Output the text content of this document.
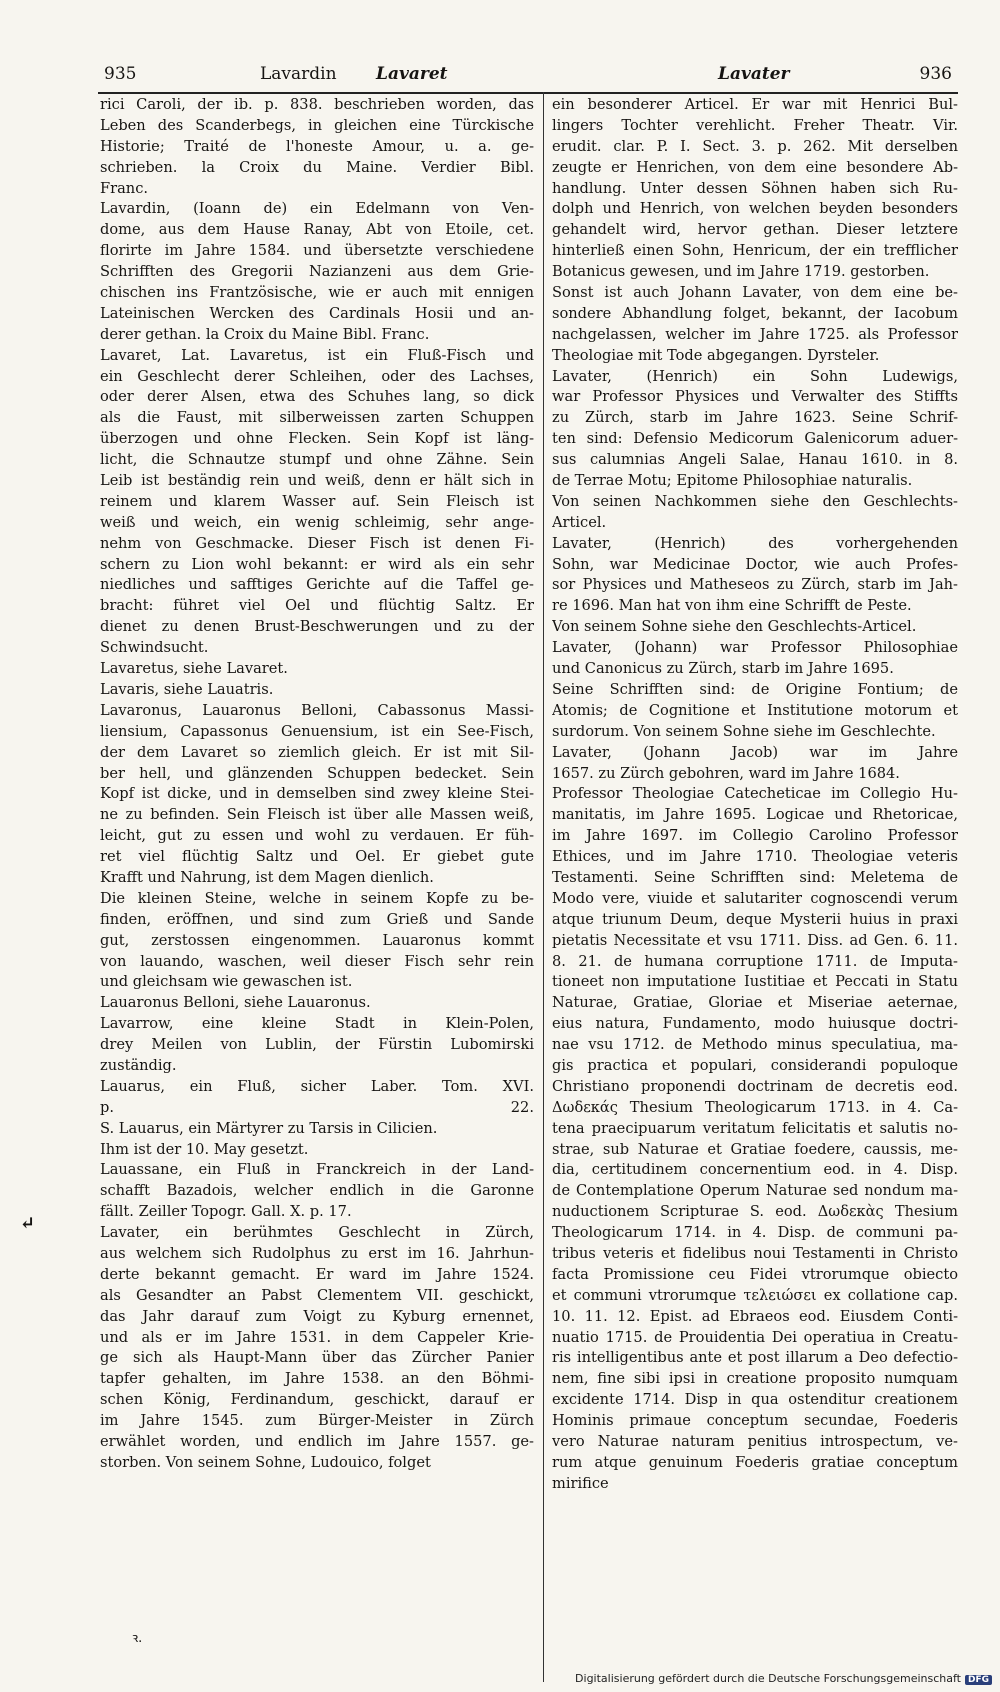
935	Lavardin Lavaret	Lavater	936
rici Caroli, der ib. p. 838. beschrieben worden, das
Leben des Scanderbegs, in gleichen eine Türckische
Historie; Traité de l'honeste Amour, u. a. ge-
schrieben. la Croix du Maine. Verdier Bibl.
Franc.
Lavardin, (Ioann de) ein Edelmann von Ven-
dome, aus dem Hause Ranay, Abt von Etoile, cet.
florirte im Jahre 1584. und übersetzte verschiedene
Schrifften des Gregorii Nazianzeni aus dem Grie-
chischen ins Frantzösische, wie er auch mit ennigen
Lateinischen Wercken des Cardinals Hosii und an-
derer gethan. la Croix du Maine Bibl. Franc.
Lavaret, Lat. Lavaretus, ist ein Fluß-Fisch und
ein Geschlecht derer Schleihen, oder des Lachses,
oder derer Alsen, etwa des Schuhes lang, so dick
als die Faust, mit silberweissen zarten Schuppen
überzogen und ohne Flecken. Sein Kopf ist läng-
licht, die Schnautze stumpf und ohne Zähne. Sein
Leib ist beständig rein und weiß, denn er hält sich in
reinem und klarem Wasser auf. Sein Fleisch ist
weiß und weich, ein wenig schleimig, sehr ange-
nehm von Geschmacke. Dieser Fisch ist denen Fi-
schern zu Lion wohl bekannt: er wird als ein sehr
niedliches und safftiges Gerichte auf die Taffel ge-
bracht: führet viel Oel und flüchtig Saltz. Er
dienet zu denen Brust-Beschwerungen und zu der
Schwindsucht.
Lavaretus, siehe Lavaret.
Lavaris, siehe Lauatris.
Lavaronus, Lauaronus Belloni, Cabassonus Massi-
liensium, Capassonus Genuensium, ist ein See-Fisch,
der dem Lavaret so ziemlich gleich. Er ist mit Sil-
ber hell, und glänzenden Schuppen bedecket. Sein
Kopf ist dicke, und in demselben sind zwey kleine Stei-
ne zu befinden. Sein Fleisch ist über alle Massen weiß,
leicht, gut zu essen und wohl zu verdauen. Er füh-
ret viel flüchtig Saltz und Oel. Er giebet gute
Krafft und Nahrung, ist dem Magen dienlich.
Die kleinen Steine, welche in seinem Kopfe zu be-
finden, eröffnen, und sind zum Grieß und Sande
gut, zerstossen eingenommen. Lauaronus kommt
von lauando, waschen, weil dieser Fisch sehr rein
und gleichsam wie gewaschen ist.
Lauaronus Belloni, siehe Lauaronus.
Lavarrow, eine kleine Stadt in Klein-Polen,
drey Meilen von Lublin, der Fürstin Lubomirski
zuständig.
Lauarus, ein Fluß, sicher Laber. Tom. XVI.
p. 22.
S. Lauarus, ein Märtyrer zu Tarsis in Cilicien.
Ihm ist der 10. May gesetzt.
Lauassane, ein Fluß in Franckreich in der Land-
schafft Bazadois, welcher endlich in die Garonne
fällt. Zeiller Topogr. Gall. X. p. 17.
Lavater, ein berühmtes Geschlecht in Zürch,
aus welchem sich Rudolphus zu erst im 16. Jahrhun-
derte bekannt gemacht. Er ward im Jahre 1524.
als Gesandter an Pabst Clementem VII. geschickt,
das Jahr darauf zum Voigt zu Kyburg ernennet,
und als er im Jahre 1531. in dem Cappeler Krie-
ge sich als Haupt-Mann über das Zürcher Panier
tapfer gehalten, im Jahre 1538. an den Böhmi-
schen König, Ferdinandum, geschickt, darauf er
im Jahre 1545. zum Bürger-Meister in Zürch
erwählet worden, und endlich im Jahre 1557. ge-
storben. Von seinem Sohne, Ludouico, folget
ein besonderer Articel. Er war mit Henrici Bul-
lingers Tochter verehlicht. Freher Theatr. Vir.
erudit. clar. P. I. Sect. 3. p. 262. Mit derselben
zeugte er Henrichen, von dem eine besondere Ab-
handlung. Unter dessen Söhnen haben sich Ru-
dolph und Henrich, von welchen beyden besonders
gehandelt wird, hervor gethan. Dieser letztere
hinterließ einen Sohn, Henricum, der ein trefflicher
Botanicus gewesen, und im Jahre 1719. gestorben.
Sonst ist auch Johann Lavater, von dem eine be-
sondere Abhandlung folget, bekannt, der Iacobum
nachgelassen, welcher im Jahre 1725. als Professor
Theologiae mit Tode abgegangen. Dyrsteler.
Lavater, (Henrich) ein Sohn Ludewigs,
war Professor Physices und Verwalter des Stiffts
zu Zürch, starb im Jahre 1623. Seine Schrif-
ten sind: Defensio Medicorum Galenicorum aduer-
sus calumnias Angeli Salae, Hanau 1610. in 8.
de Terrae Motu; Epitome Philosophiae naturalis.
Von seinen Nachkommen siehe den Geschlechts-
Articel.
Lavater, (Henrich) des vorhergehenden
Sohn, war Medicinae Doctor, wie auch Profes-
sor Physices und Matheseos zu Zürch, starb im Jah-
re 1696. Man hat von ihm eine Schrifft de Peste.
Von seinem Sohne siehe den Geschlechts-Articel.
Lavater, (Johann) war Professor Philosophiae
und Canonicus zu Zürch, starb im Jahre 1695.
Seine Schrifften sind: de Origine Fontium; de
Atomis; de Cognitione et Institutione motorum et
surdorum. Von seinem Sohne siehe im Geschlechte.
Lavater, (Johann Jacob) war im Jahre
1657. zu Zürch gebohren, ward im Jahre 1684.
Professor Theologiae Catecheticae im Collegio Hu-
manitatis, im Jahre 1695. Logicae und Rhetoricae,
im Jahre 1697. im Collegio Carolino Professor
Ethices, und im Jahre 1710. Theologiae veteris
Testamenti. Seine Schrifften sind: Meletema de
Modo vere, viuide et salutariter cognoscendi verum
atque triunum Deum, deque Mysterii huius in praxi
pietatis Necessitate et vsu 1711. Diss. ad Gen. 6. 11.
8. 21. de humana corruptione 1711. de Imputa-
tioneet non imputatione Iustitiae et Peccati in Statu
Naturae, Gratiae, Gloriae et Miseriae aeternae,
eius natura, Fundamento, modo huiusque doctri-
nae vsu 1712. de Methodo minus speculatiua, ma-
gis practica et populari, considerandi populoque
Christiano proponendi doctrinam de decretis eod.
Δωδεκάς Thesium Theologicarum 1713. in 4. Ca-
tena praecipuarum veritatum felicitatis et salutis no-
strae, sub Naturae et Gratiae foedere, caussis, me-
dia, certitudinem concernentium eod. in 4. Disp.
de Contemplatione Operum Naturae sed nondum ma-
nuductionem Scripturae S. eod. Δωδεκὰς Thesium
Theologicarum 1714. in 4. Disp. de communi pa-
tribus veteris et fidelibus noui Testamenti in Christo
facta Promissione ceu Fidei vtrorumque obiecto
et communi vtrorumque τελειώσει ex collatione cap.
10. 11. 12. Epist. ad Ebraeos eod. Eiusdem Conti-
nuatio 1715. de Prouidentia Dei operatiua in Creatu-
ris intelligentibus ante et post illarum a Deo defectio-
nem, fine sibi ipsi in creatione proposito numquam
excidente 1714. Disp in qua ostenditur creationem
Hominis primaue conceptum secundae, Foederis
vero Naturae naturam penitius introspectum, ve-
rum atque genuinum Foederis gratiae conceptum
mirifice
↵
ꝛ.
Digitalisierung gefördert durch die Deutsche Forschungsgemeinschaft DFG
